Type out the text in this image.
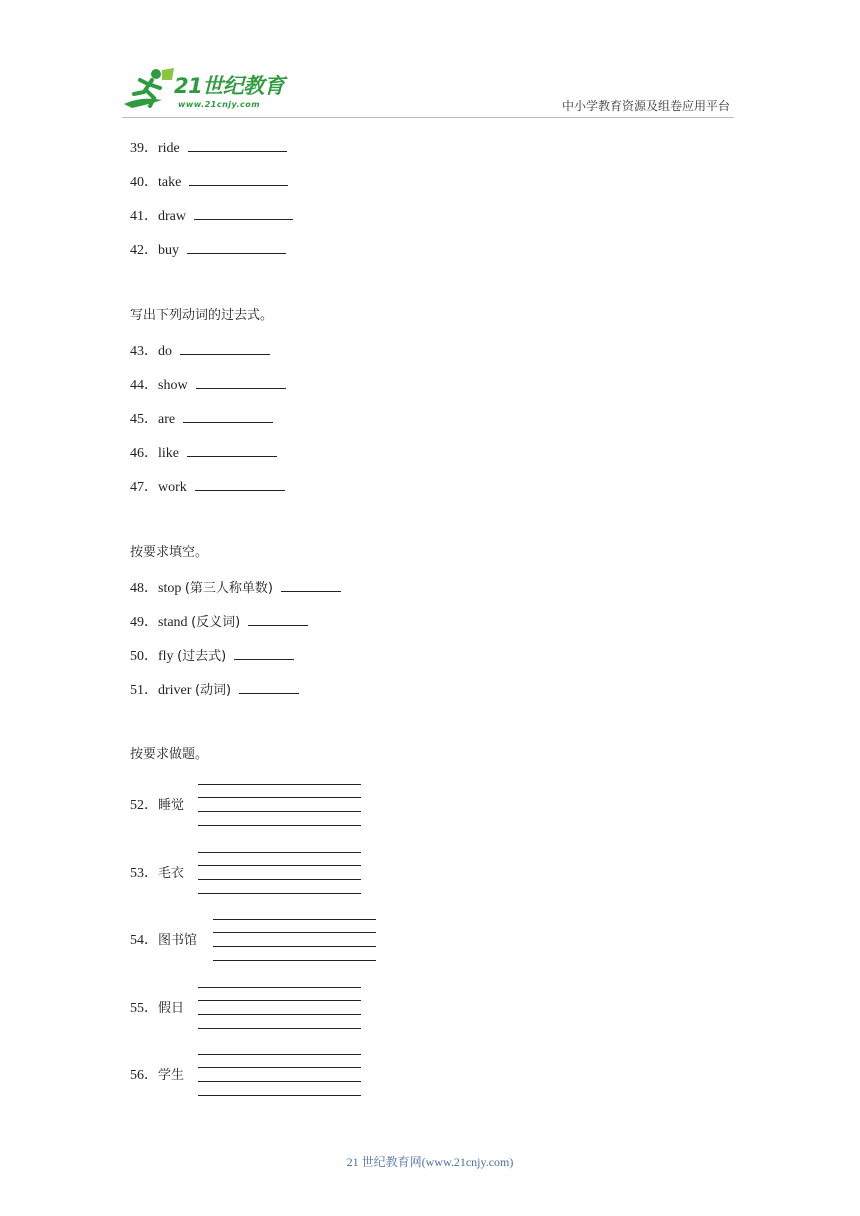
21世纪教育
www.21cnjy.com	中小学教育资源及组卷应用平台
39．ride
40．take
41．draw
42．buy
写出下列动词的过去式。
43．do
44．show
45．are
46．like
47．work
按要求填空。
48．stop (第三人称单数)
49．stand (反义词)
50．fly (过去式)
51．driver (动词)
按要求做题。
52．睡觉
53．毛衣
54．图书馆
55．假日
56．学生
21 世纪教育网(www.21cnjy.com)
